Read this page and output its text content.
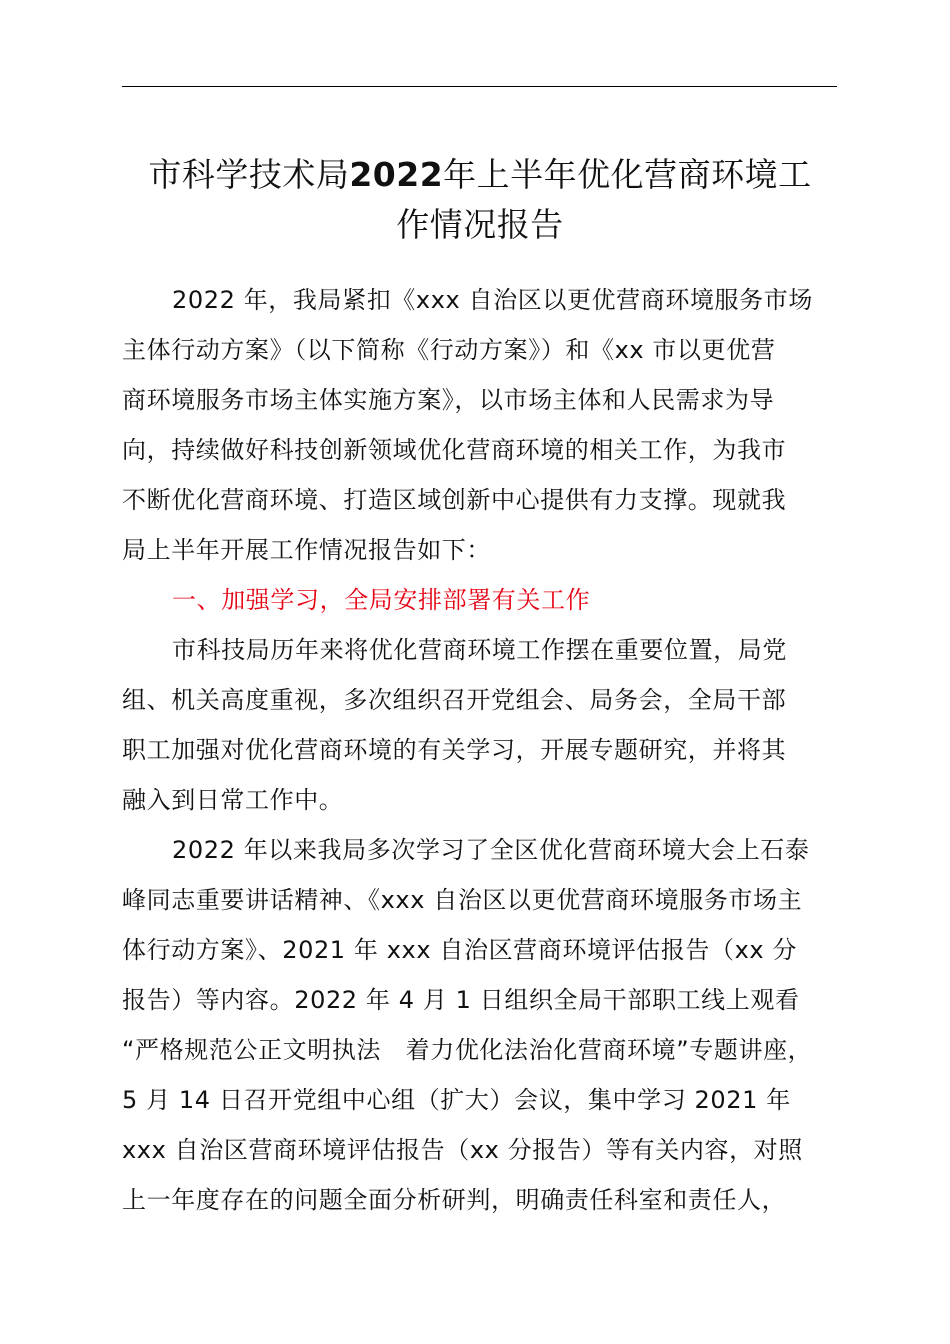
市科学技术局2022年上半年优化营商环境工
作情况报告
2022 年，我局紧扣《xxx 自治区以更优营商环境服务市场
主体行动方案》（以下简称《行动方案》）和《xx 市以更优营
商环境服务市场主体实施方案》，以市场主体和人民需求为导
向，持续做好科技创新领域优化营商环境的相关工作，为我市
不断优化营商环境、打造区域创新中心提供有力支撑。现就我
局上半年开展工作情况报告如下：
一、加强学习，全局安排部署有关工作
市科技局历年来将优化营商环境工作摆在重要位置，局党
组、机关高度重视，多次组织召开党组会、局务会，全局干部
职工加强对优化营商环境的有关学习，开展专题研究，并将其
融入到日常工作中。
2022 年以来我局多次学习了全区优化营商环境大会上石泰
峰同志重要讲话精神、《xxx 自治区以更优营商环境服务市场主
体行动方案》、2021 年 xxx 自治区营商环境评估报告（xx 分
报告）等内容。2022 年 4 月 1 日组织全局干部职工线上观看
“严格规范公正文明执法　着力优化法治化营商环境”专题讲座，
5 月 14 日召开党组中心组（扩大）会议，集中学习 2021 年
xxx 自治区营商环境评估报告（xx 分报告）等有关内容，对照
上一年度存在的问题全面分析研判，明确责任科室和责任人，
